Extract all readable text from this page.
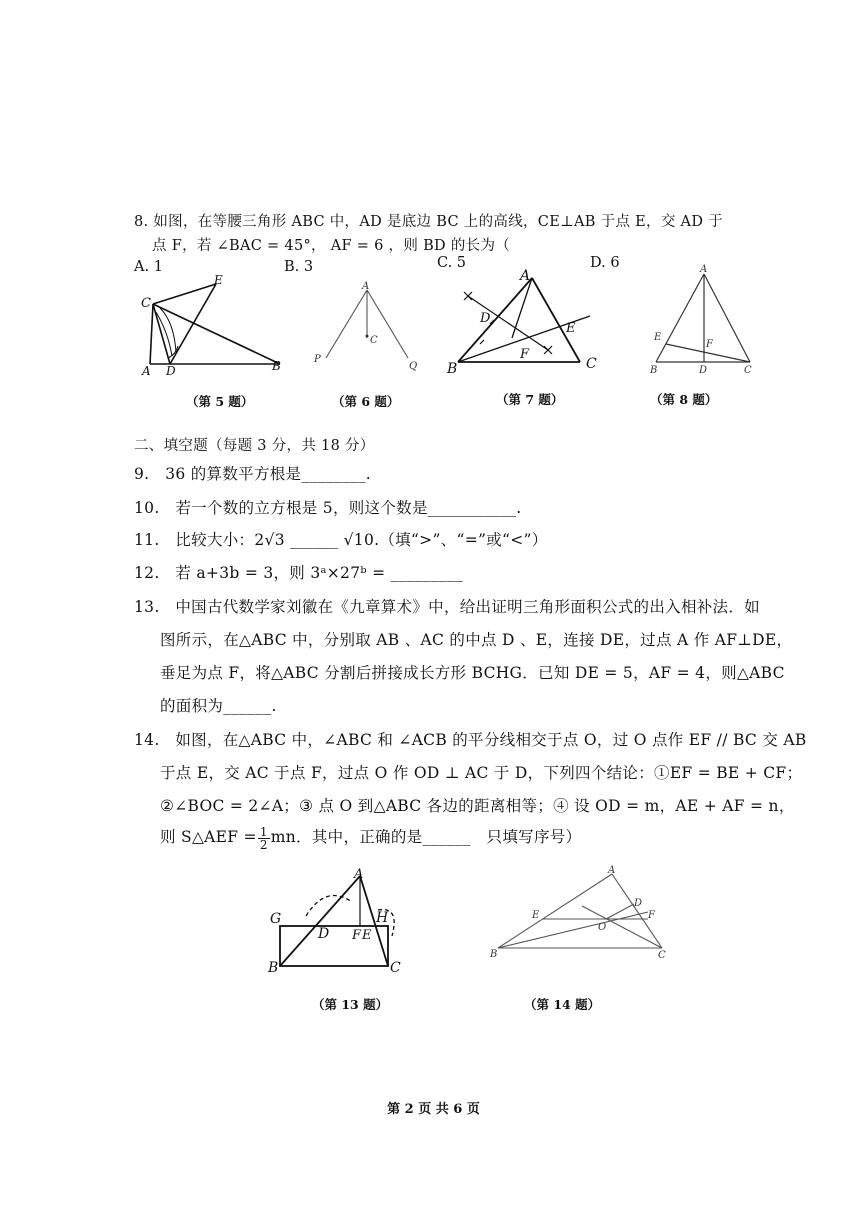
8. 如图，在等腰三角形 ABC 中，AD 是底边 BC 上的高线，CE⊥AB 于点 E，交 AD 于
点 F，若 ∠BAC = 45°， AF = 6 ，则 BD 的长为（
A. 1	B. 3	C. 5	D. 6
C
E
A D	B
A
C
P
Q
A
D
E
F
B	C
A
E
F
B	D	C
（第 5 题）	（第 6 题）	（第 7 题）	（第 8 题）
二、填空题（每题 3 分，共 18 分）
9.　36 的算数平方根是________.
10.　若一个数的立方根是 5，则这个数是___________.
11.　比较大小：2√3 ______ √10.（填“>”、“=”或“<”）
12.　若 a+3b = 3，则 3ᵃ×27ᵇ = _________
13.　中国古代数学家刘徽在《九章算术》中，给出证明三角形面积公式的出入相补法．如
图所示，在△ABC 中，分别取 AB 、AC 的中点 D 、E，连接 DE，过点 A 作 AF⊥DE，
垂足为点 F，将△ABC 分割后拼接成长方形 BCHG．已知 DE = 5，AF = 4，则△ABC
的面积为______.
14.　如图，在△ABC 中，∠ABC 和 ∠ACB 的平分线相交于点 O，过 O 点作 EF // BC 交 AB
于点 E，交 AC 于点 F，过点 O 作 OD ⊥ AC 于 D，下列四个结论：①EF = BE + CF；
②∠BOC = 2∠A；③ 点 O 到△ABC 各边的距离相等；④ 设 OD = m，AE + AF = n，
则 S△AEF = $\frac{1}{2}$ mn．其中，正确的是______　只填写序号）
A
G	H
D F E
B	C
A
D
E	F
O
B	C
（第 13 题）	（第 14 题）
第 2 页 共 6 页
